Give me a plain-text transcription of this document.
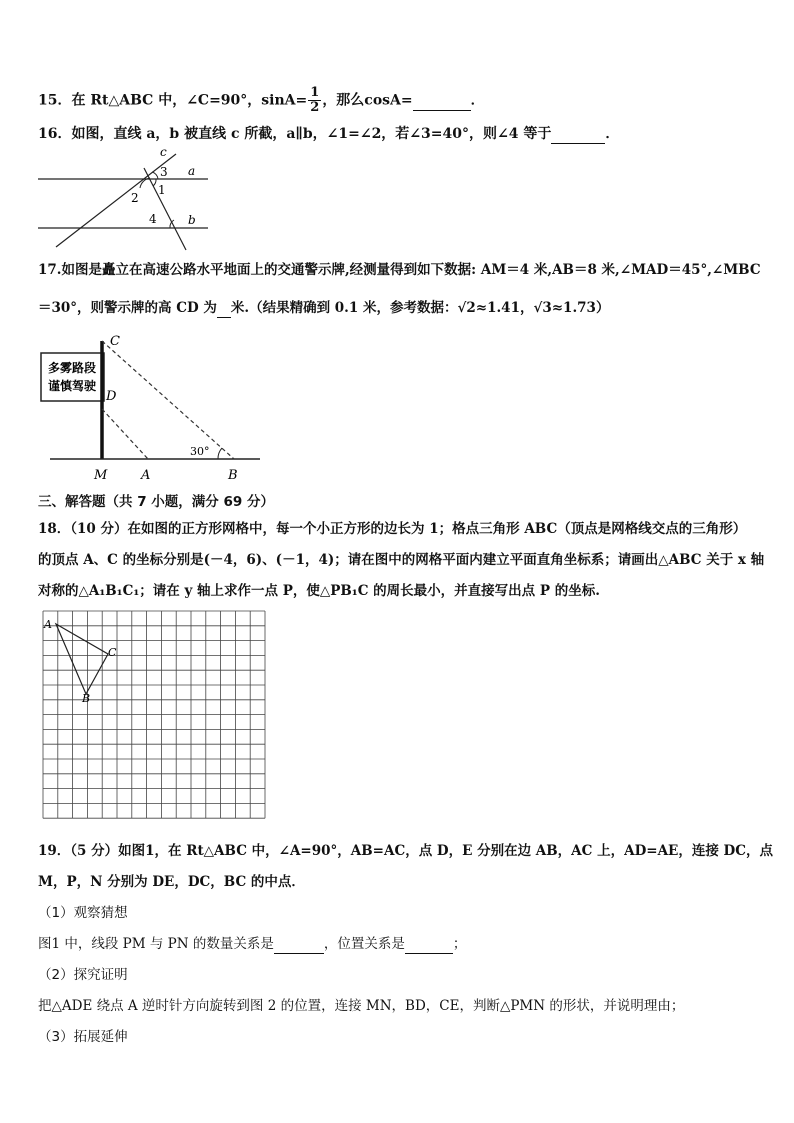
15．在 Rt△ABC 中，∠C=90°，$\sin A= \frac{1}{2}$ ，那么cosA=	．
16．如图，直线 a，b 被直线 c 所截，a∥b，∠1=∠2，若∠3=40°，则∠4 等于	．
c
a
b
3
1
2
4
17.如图是矗立在高速公路水平地面上的交通警示牌,经测量得到如下数据: AM＝4 米,AB＝8 米,∠MAD＝45°,∠MBC
＝30°，则警示牌的高 CD 为 米.（结果精确到 0.1 米，参考数据：√2≈1.41，√3≈1.73）
多雾路段
谨慎驾驶
C
D
M	A	B
30°
三、解答题（共 7 小题，满分 69 分）
18．（10 分）在如图的正方形网格中，每一个小正方形的边长为 1；格点三角形 ABC（顶点是网格线交点的三角形）
的顶点 A、C 的坐标分别是(－4，6)、(－1，4)；请在图中的网格平面内建立平面直角坐标系；请画出△ABC 关于 x 轴
对称的△A₁B₁C₁；请在 y 轴上求作一点 P，使△PB₁C 的周长最小，并直接写出点 P 的坐标.
A
C
B
19．（5 分）如图1，在 Rt△ABC 中，∠A=90°，AB=AC，点 D，E 分别在边 AB，AC 上，AD=AE，连接 DC，点
M，P，N 分别为 DE，DC，BC 的中点．
（1）观察猜想
图1 中，线段 PM 与 PN 的数量关系是	，位置关系是	；
（2）探究证明
把△ADE 绕点 A 逆时针方向旋转到图 2 的位置，连接 MN，BD，CE，判断△PMN 的形状，并说明理由；
（3）拓展延伸
